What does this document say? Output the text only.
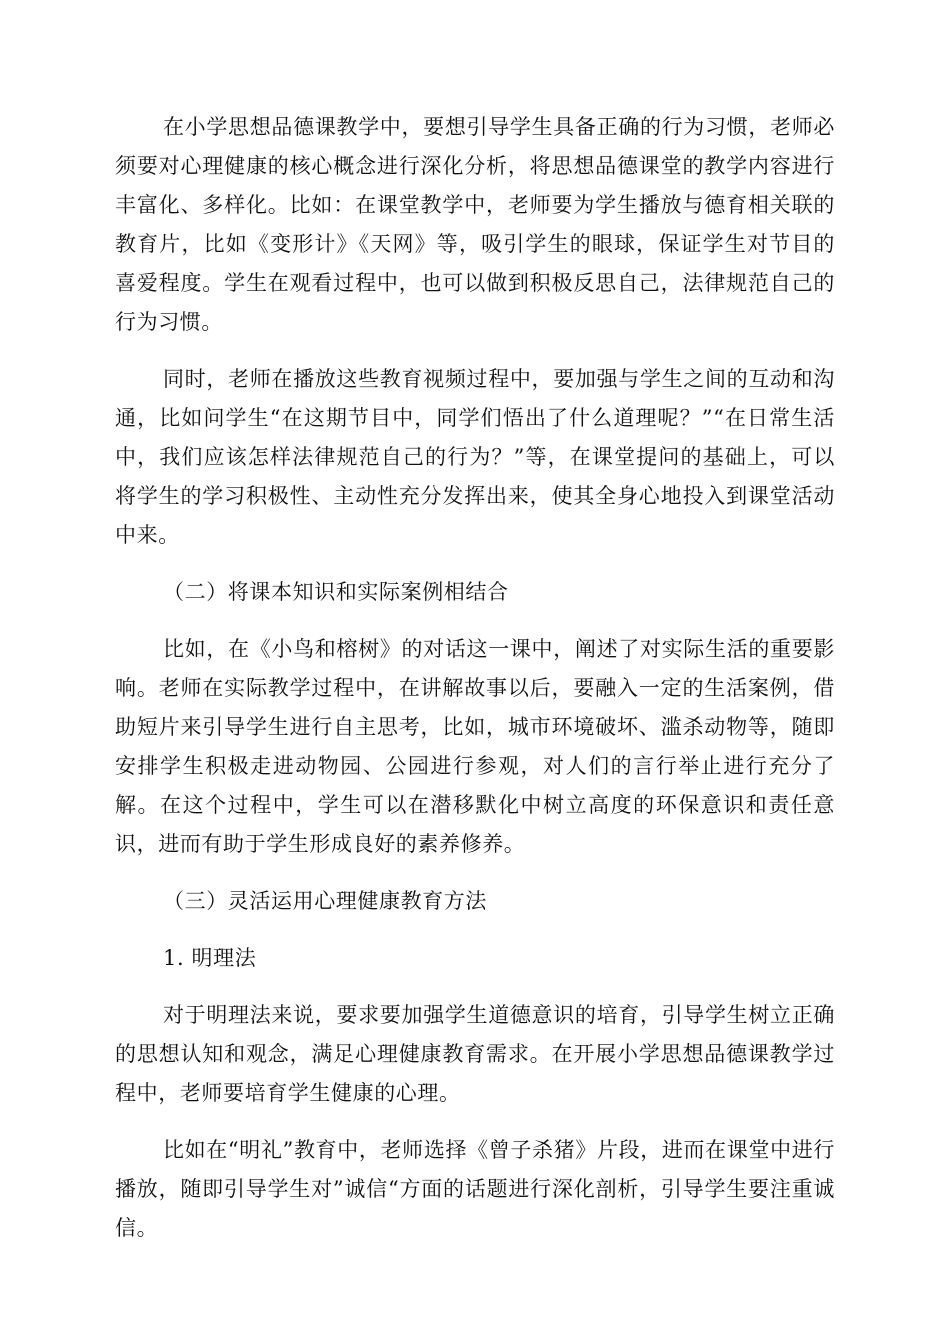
在小学思想品德课教学中，要想引导学生具备正确的行为习惯，老师必须要对心理健康的核心概念进行深化分析，将思想品德课堂的教学内容进行丰富化、多样化。比如：在课堂教学中，老师要为学生播放与德育相关联的教育片，比如《变形计》《天网》等，吸引学生的眼球，保证学生对节目的喜爱程度。学生在观看过程中，也可以做到积极反思自己，法律规范自己的行为习惯。

同时，老师在播放这些教育视频过程中，要加强与学生之间的互动和沟通，比如问学生“在这期节目中，同学们悟出了什么道理呢？”“在日常生活中，我们应该怎样法律规范自己的行为？”等，在课堂提问的基础上，可以将学生的学习积极性、主动性充分发挥出来，使其全身心地投入到课堂活动中来。

（二）将课本知识和实际案例相结合

比如，在《小鸟和榕树》的对话这一课中，阐述了对实际生活的重要影响。老师在实际教学过程中，在讲解故事以后，要融入一定的生活案例，借助短片来引导学生进行自主思考，比如，城市环境破坏、滥杀动物等，随即安排学生积极走进动物园、公园进行参观，对人们的言行举止进行充分了解。在这个过程中，学生可以在潜移默化中树立高度的环保意识和责任意识，进而有助于学生形成良好的素养修养。

（三）灵活运用心理健康教育方法

1. 明理法

对于明理法来说，要求要加强学生道德意识的培育，引导学生树立正确的思想认知和观念，满足心理健康教育需求。在开展小学思想品德课教学过程中，老师要培育学生健康的心理。

比如在“明礼”教育中，老师选择《曾子杀猪》片段，进而在课堂中进行播放，随即引导学生对”诚信“方面的话题进行深化剖析，引导学生要注重诚信。
